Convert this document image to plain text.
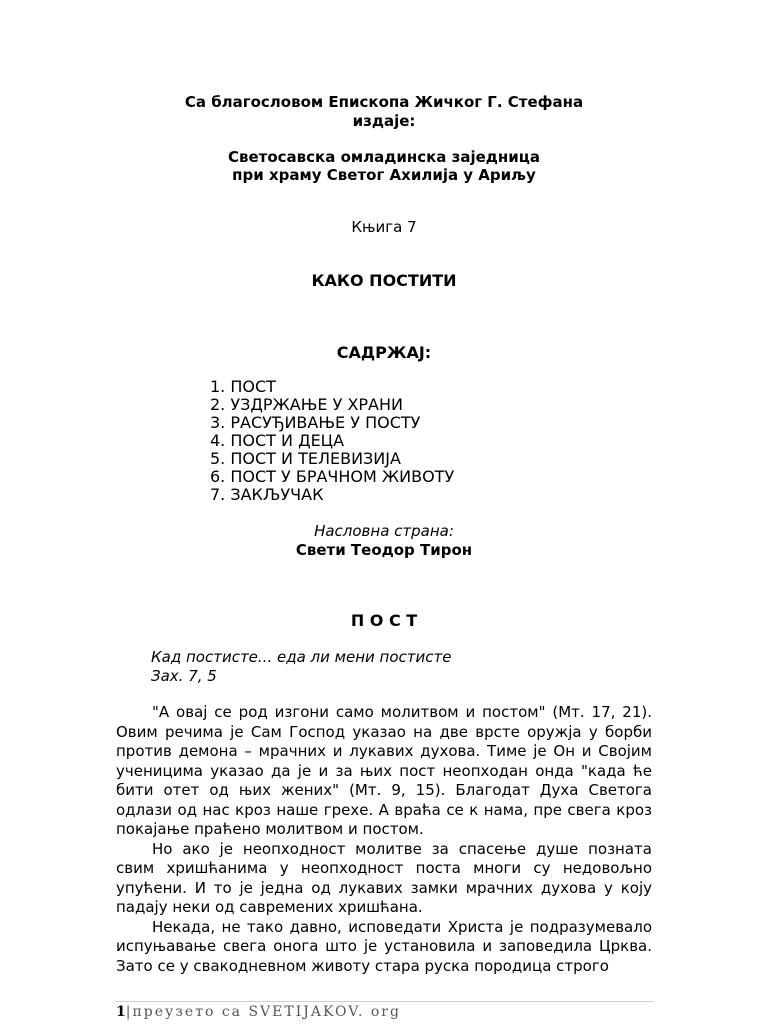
Са благословом Епископа Жичког Г. Стефана
издаје:
Светосавска омладинска заједница
при храму Светог Ахилија у Ариљу
Књига 7
КАКО ПОСТИТИ
САДРЖАЈ:
1. ПОСТ
2. УЗДРЖАЊЕ У ХРАНИ
3. РАСУЂИВАЊЕ У ПОСТУ
4. ПОСТ И ДЕЦА
5. ПОСТ И ТЕЛЕВИЗИЈА
6. ПОСТ У БРАЧНОМ ЖИВОТУ
7. ЗАКЉУЧАК
Насловна страна:
Свети Теодор Тирон
П О С Т
Кад постисте... еда ли мени постисте
Зах. 7, 5

"А овај се род изгони само молитвом и постом" (Мт. 17, 21). Овим речима је Сам Господ указао на две врсте оружја у борби против демона – мрачних и лукавих духова. Тиме је Он и Својим ученицима указао да је и за њих пост неопходан онда "када ће бити отет од њих жених" (Мт. 9, 15). Благодат Духа Светога одлази од нас кроз наше грехе. А враћа се к нама, пре свега кроз покајање праћено молитвом и постом.

Но ако је неопходност молитве за спасење душе позната свим хришћанима у неопходност поста многи су недовољно упућени. И то је једна од лукавих замки мрачних духова у коју падају неки од савремених хришћана.

Некада, не тако давно, исповедати Христа је подразумевало испуњавање свега онога што је установила и заповедила Црква. Зато се у свакодневном животу стара руска породица строго

1|преузето са SVETIJAKOV. org
